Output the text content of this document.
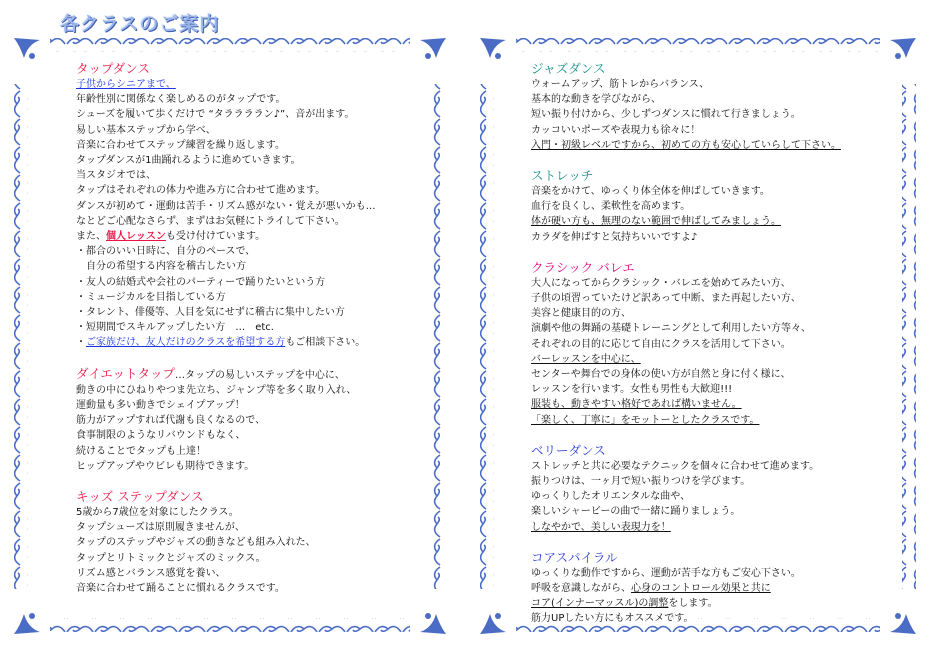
各クラスのご案内
タップダンス
子供からシニアまで、
年齢性別に関係なく楽しめるのがタップです。
シューズを履いて歩くだけで “タララララン♪”、音が出ます。
易しい基本ステップから学べ、
音楽に合わせてステップ練習を繰り返します。
タップダンスが1曲踊れるように進めていきます。
当スタジオでは、
タップはそれぞれの体力や進み方に合わせて進めます。
ダンスが初めて・運動は苦手・リズム感がない・覚えが悪いかも…
なとどご心配なさらず、まずはお気軽にトライして下さい。
また、個人レッスンも受け付けています。
・都合のいい日時に、自分のペースで、
自分の希望する内容を稽古したい方
・友人の結婚式や会社のパーティーで踊りたいという方
・ミュージカルを目指している方
・タレント、俳優等、人目を気にせずに稽古に集中したい方
・短期間でスキルアップしたい方　…　etc.
・ご家族だけ、友人だけのクラスを希望する方もご相談下さい。
ダイエットタップ…タップの易しいステップを中心に、
動きの中にひねりやつま先立ち、ジャンプ等を多く取り入れ、
運動量も多い動きでシェイプアップ！
筋力がアップすれば代謝も良くなるので、
食事制限のようなリバウンドもなく、
続けることでタップも上達！
ヒップアップやウビレも期待できます。
キッズ ステップダンス
5歳から7歳位を対象にしたクラス。
タップシューズは原則履きませんが、
タップのステップやジャズの動きなども組み入れた、
タップとリトミックとジャズのミックス。
リズム感とバランス感覚を養い、
音楽に合わせて踊ることに慣れるクラスです。
ジャズダンス
ウォームアップ、筋トレからバランス、
基本的な動きを学びながら、
短い振り付けから、少しずつダンスに慣れて行きましょう。
カッコいいポーズや表現力も徐々に！
入門・初級レベルですから、初めての方も安心していらして下さい。
ストレッチ
音楽をかけて、ゆっくり体全体を伸ばしていきます。
血行を良くし、柔軟性を高めます。
体が硬い方も、無理のない範囲で伸ばしてみましょう。
カラダを伸ばすと気持ちいいですよ♪
クラシック バレエ
大人になってからクラシック・バレエを始めてみたい方、
子供の頃習っていたけど訳あって中断、また再起したい方、
美容と健康目的の方、
演劇や他の舞踊の基礎トレーニングとして利用したい方等々、
それぞれの目的に応じて自由にクラスを活用して下さい。
バーレッスンを中心に、
センターや舞台での身体の使い方が自然と身に付く様に、
レッスンを行います。女性も男性も大歓迎!!!
服装も、動きやすい格好であれば構いません。
「楽しく、丁寧に」をモットーとしたクラスです。
ベリーダンス
ストレッチと共に必要なテクニックを個々に合わせて進めます。
振りつけは、一ヶ月で短い振りつけを学びます。
ゆっくりしたオリエンタルな曲や、
楽しいシャービーの曲で一緒に踊りましょう。
しなやかで、美しい表現力を！
コアスパイラル
ゆっくりな動作ですから、運動が苦手な方もご安心下さい。
呼吸を意識しながら、心身のコントロール効果と共に
コア(インナーマッスル)の調整をします。
筋力UPしたい方にもオススメです。
